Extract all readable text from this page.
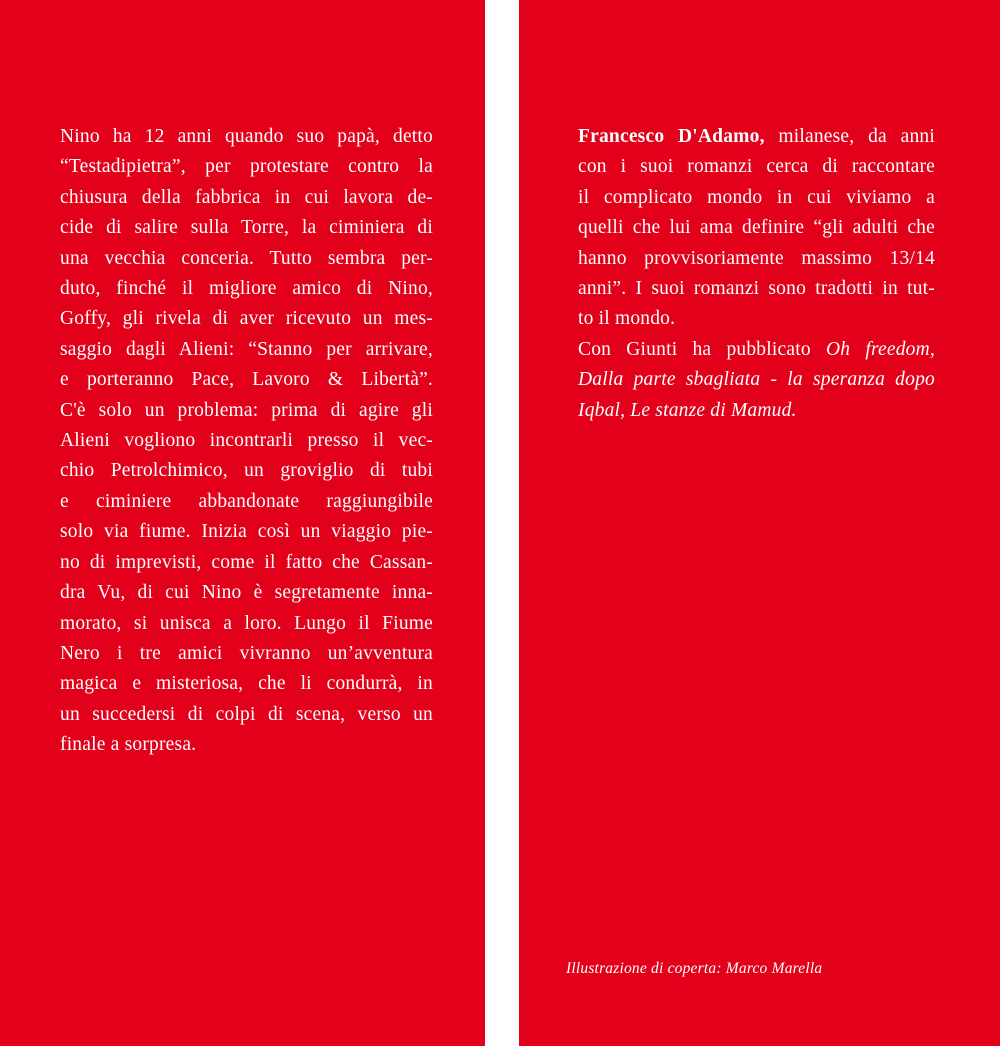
Nino ha 12 anni quando suo papà, detto
“Testadipietra”, per protestare contro la
chiusura della fabbrica in cui lavora de-
cide di salire sulla Torre, la ciminiera di
una vecchia conceria. Tutto sembra per-
duto, finché il migliore amico di Nino,
Goffy, gli rivela di aver ricevuto un mes-
saggio dagli Alieni: “Stanno per arrivare,
e porteranno Pace, Lavoro & Libertà”.
C'è solo un problema: prima di agire gli
Alieni vogliono incontrarli presso il vec-
chio Petrolchimico, un groviglio di tubi
e ciminiere abbandonate raggiungibile
solo via fiume. Inizia così un viaggio pie-
no di imprevisti, come il fatto che Cassan-
dra Vu, di cui Nino è segretamente inna-
morato, si unisca a loro. Lungo il Fiume
Nero i tre amici vivranno un’avventura
magica e misteriosa, che li condurrà, in
un succedersi di colpi di scena, verso un
finale a sorpresa.
Francesco D'Adamo, milanese, da anni
con i suoi romanzi cerca di raccontare
il complicato mondo in cui viviamo a
quelli che lui ama definire “gli adulti che
hanno provvisoriamente massimo 13/14
anni”. I suoi romanzi sono tradotti in tut-
to il mondo.
Con Giunti ha pubblicato Oh freedom,
Dalla parte sbagliata - la speranza dopo
Iqbal, Le stanze di Mamud.
Illustrazione di coperta: Marco Marella
